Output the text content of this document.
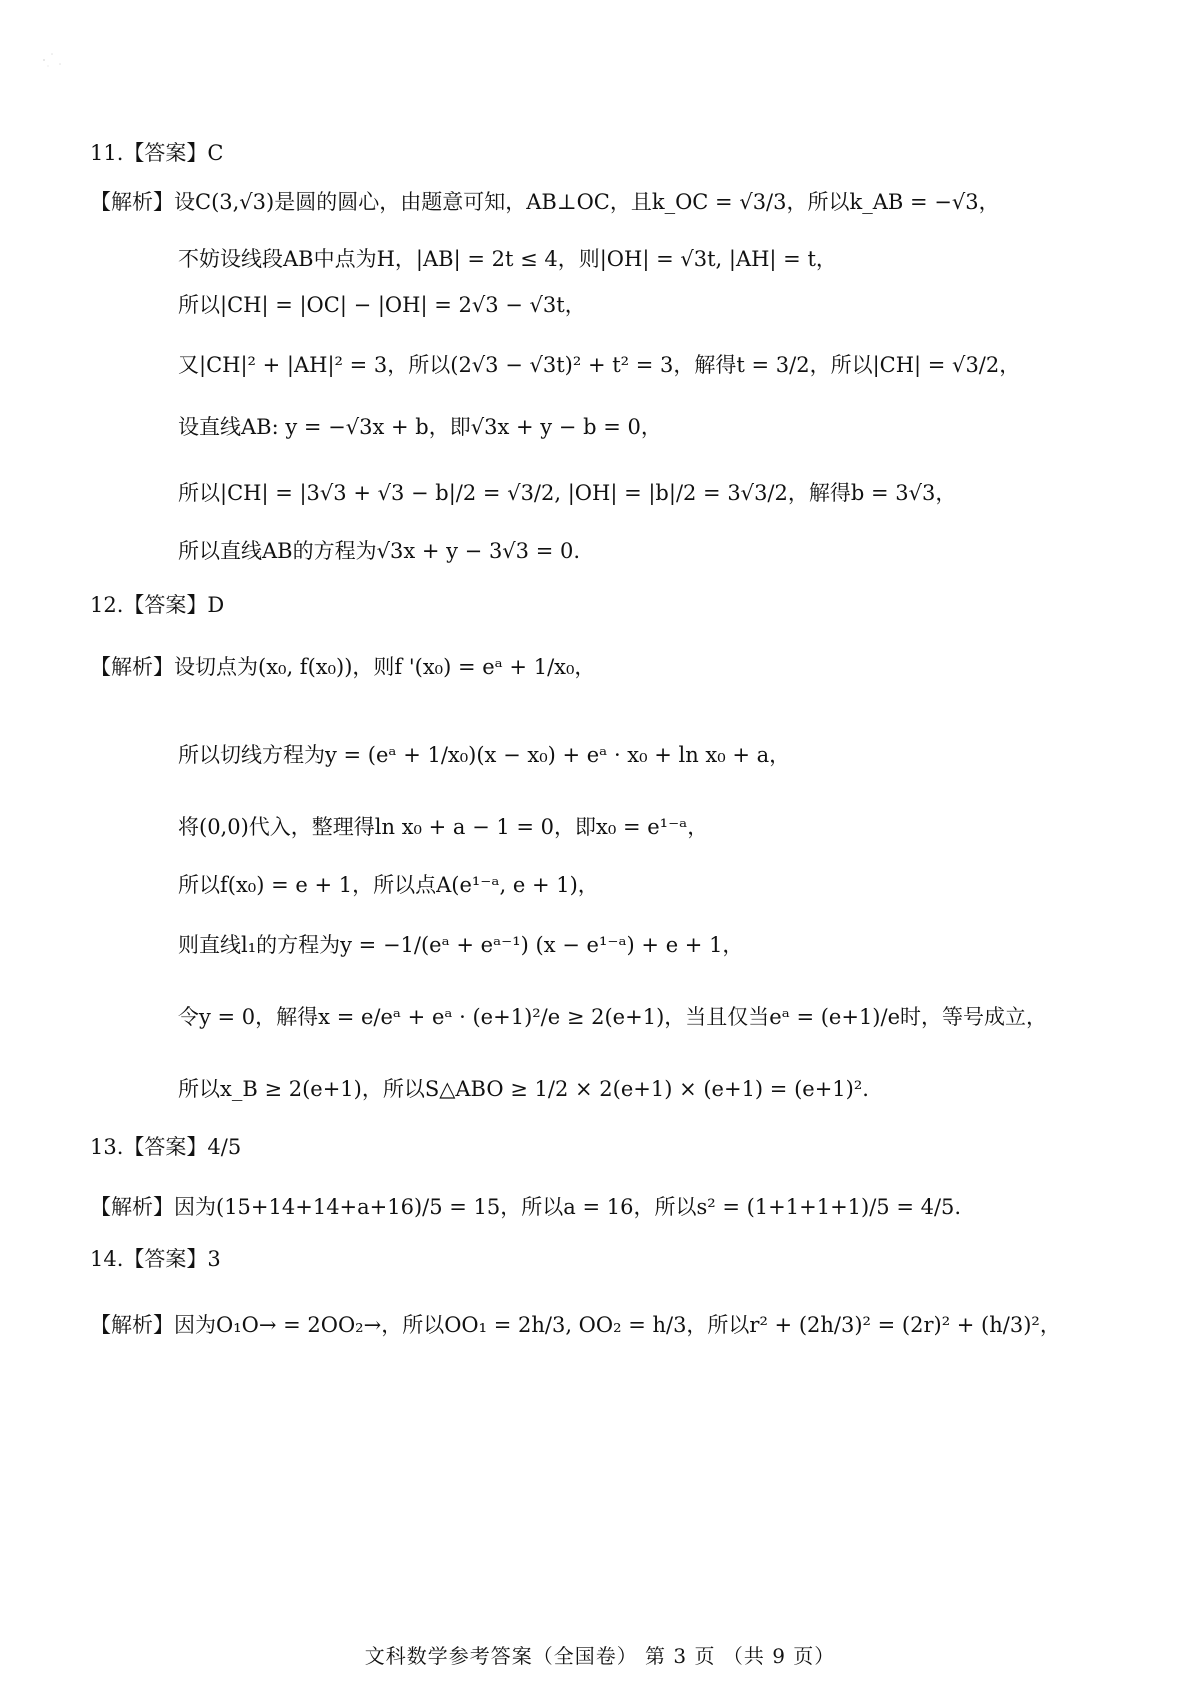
11.【答案】C
【解析】设C(3,√3)是圆的圆心，由题意可知，AB⊥OC，且k_OC = √3/3，所以k_AB = −√3，
不妨设线段AB中点为H，|AB| = 2t ≤ 4，则|OH| = √3t, |AH| = t，
所以|CH| = |OC| − |OH| = 2√3 − √3t，
又|CH|² + |AH|² = 3，所以(2√3 − √3t)² + t² = 3，解得t = 3/2，所以|CH| = √3/2，
设直线AB: y = −√3x + b，即√3x + y − b = 0，
所以|CH| = |3√3 + √3 − b|/2 = √3/2, |OH| = |b|/2 = 3√3/2，解得b = 3√3，
所以直线AB的方程为√3x + y − 3√3 = 0.
12.【答案】D
【解析】设切点为(x₀, f(x₀))，则f '(x₀) = eᵃ + 1/x₀，
所以切线方程为y = (eᵃ + 1/x₀)(x − x₀) + eᵃ · x₀ + ln x₀ + a，
将(0,0)代入，整理得ln x₀ + a − 1 = 0，即x₀ = e¹⁻ᵃ，
所以f(x₀) = e + 1，所以点A(e¹⁻ᵃ, e + 1)，
则直线l₁的方程为y = −1/(eᵃ + eᵃ⁻¹) (x − e¹⁻ᵃ) + e + 1，
令y = 0，解得x = e/eᵃ + eᵃ · (e+1)²/e ≥ 2(e+1)，当且仅当eᵃ = (e+1)/e时，等号成立，
所以x_B ≥ 2(e+1)，所以S△ABO ≥ 1/2 × 2(e+1) × (e+1) = (e+1)².
13.【答案】4/5
【解析】因为(15+14+14+a+16)/5 = 15，所以a = 16，所以s² = (1+1+1+1)/5 = 4/5.
14.【答案】3
【解析】因为O₁O→ = 2OO₂→，所以OO₁ = 2h/3, OO₂ = h/3，所以r² + (2h/3)² = (2r)² + (h/3)²，
文科数学参考答案（全国卷） 第 3 页 （共 9 页）
